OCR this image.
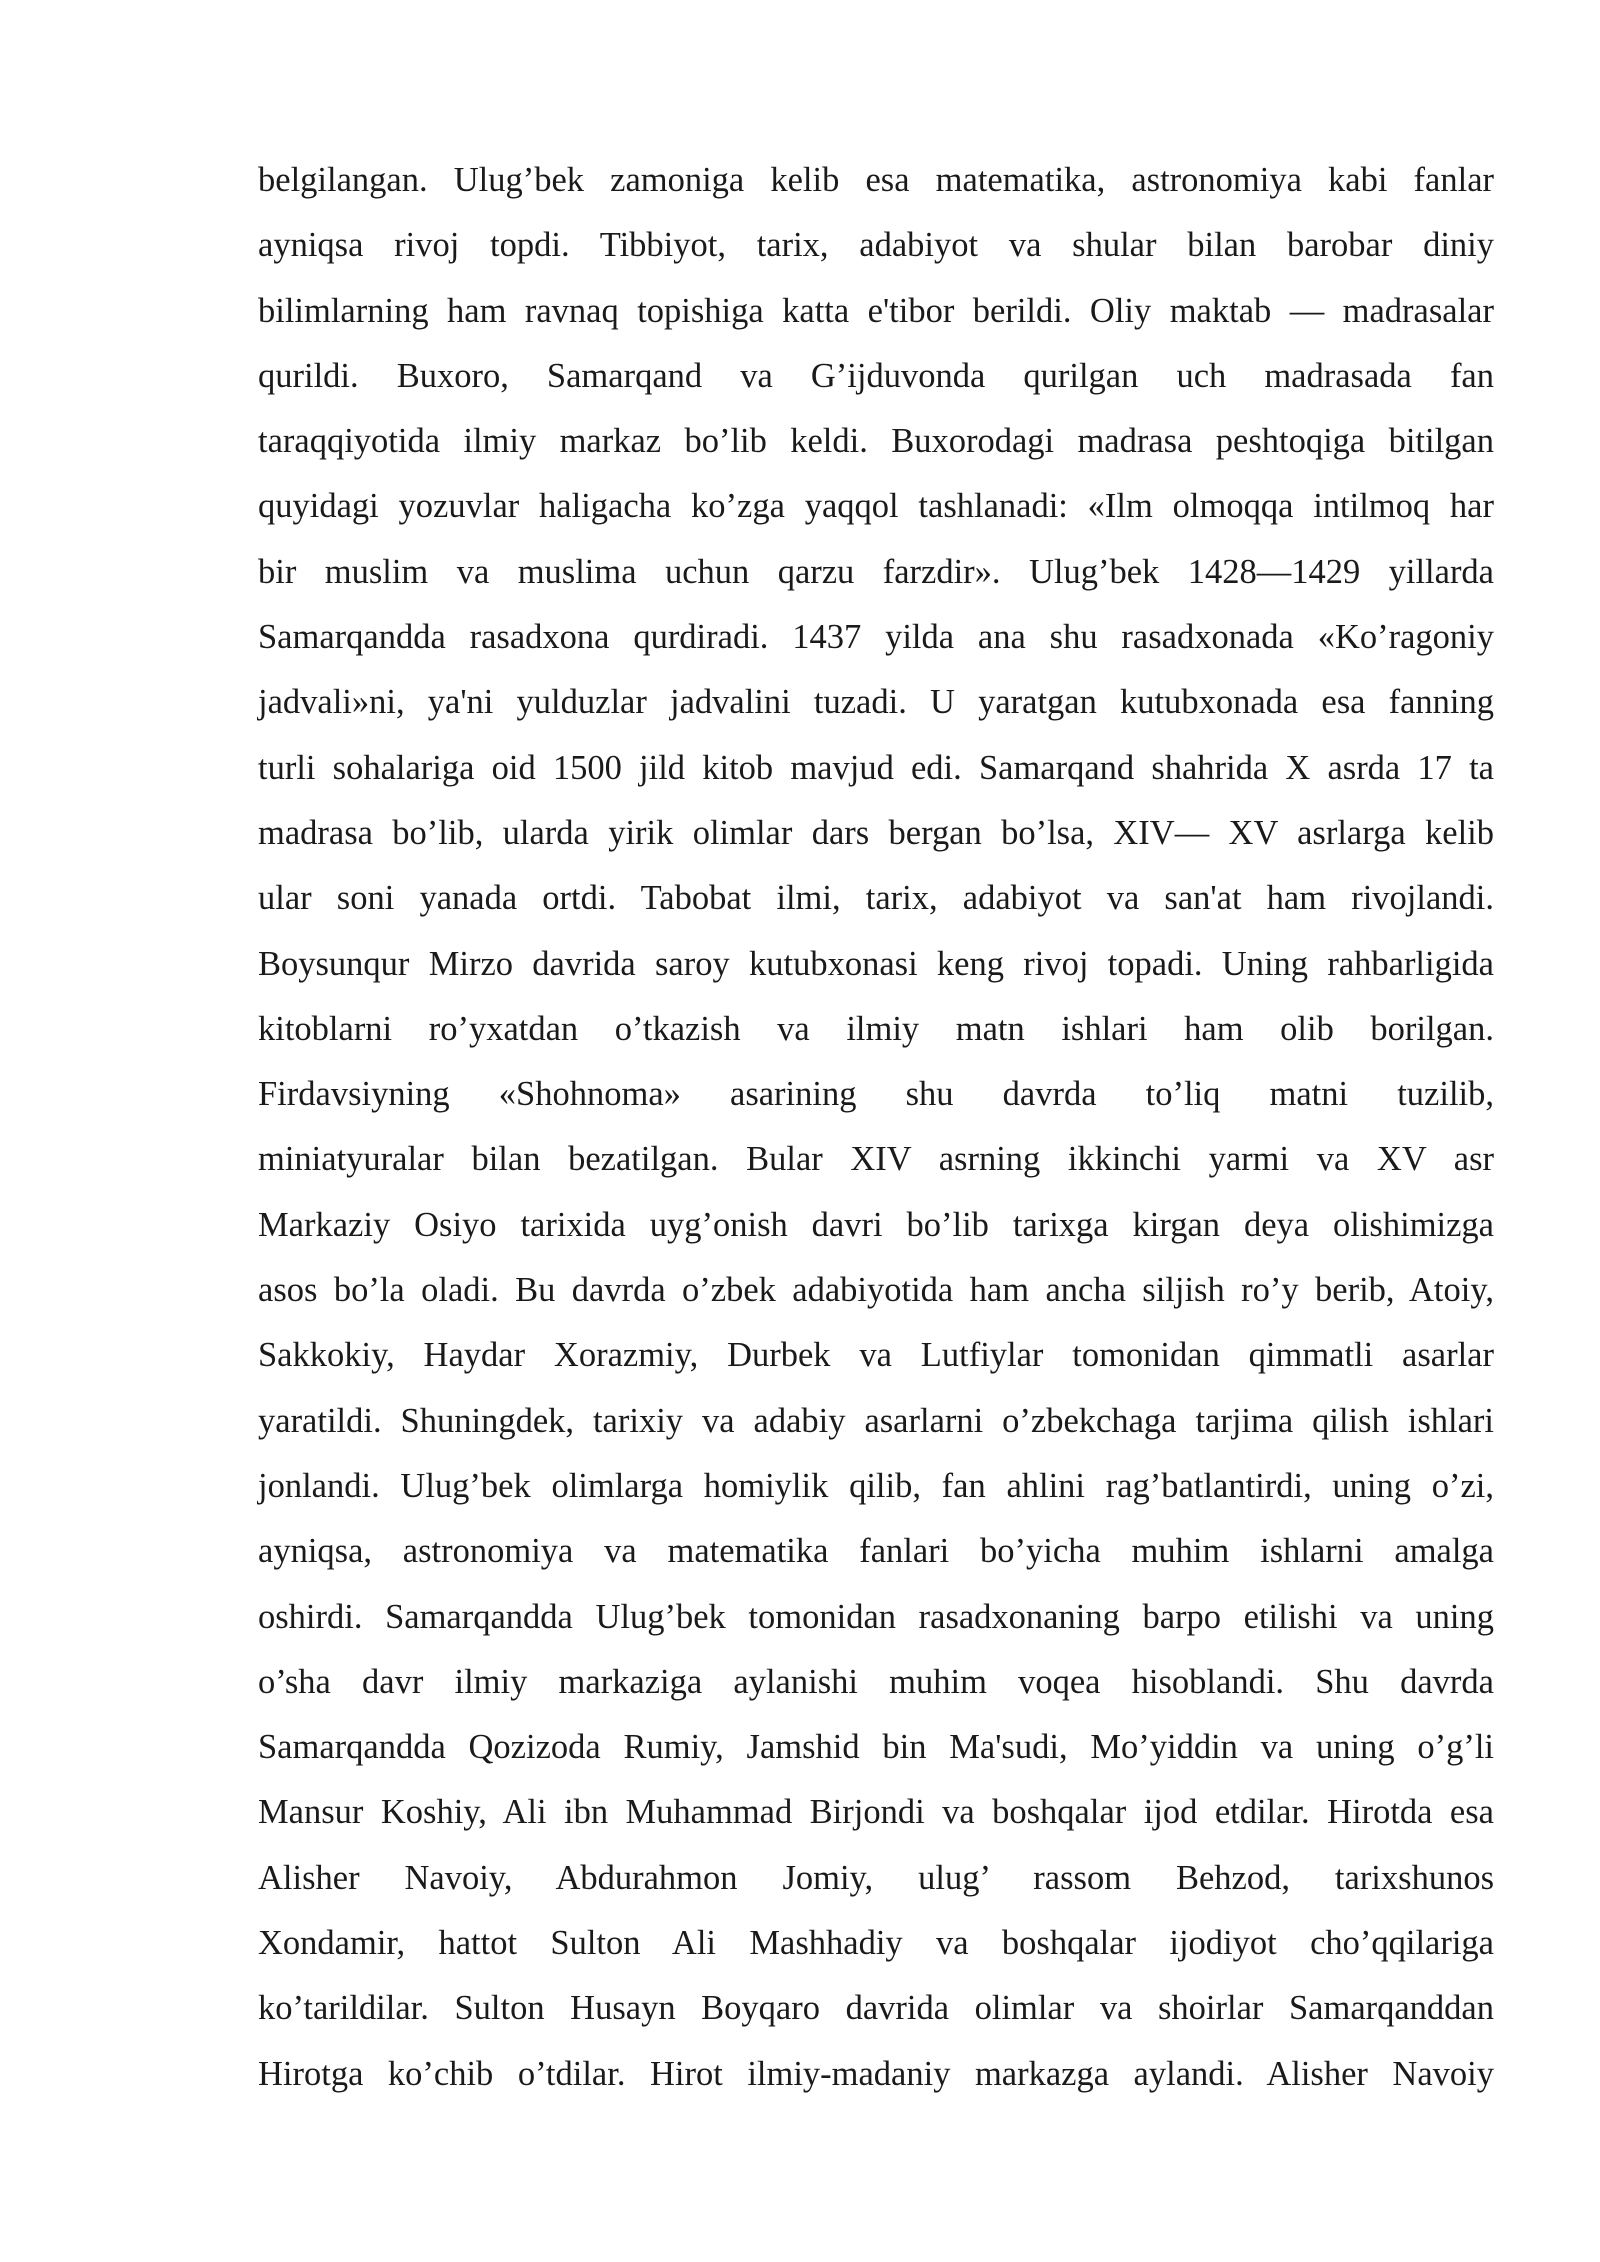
belgilangan. Ulug’bek zamoniga kelib esa matematika, astronomiya kabi fanlar
ayniqsa rivoj topdi. Tibbiyot, tarix, adabiyot va shular bilan barobar diniy
bilimlarning ham ravnaq topishiga katta e'tibor berildi. Oliy maktab — madrasalar
qurildi. Buxoro, Samarqand va G’ijduvonda qurilgan uch madrasada fan
taraqqiyotida ilmiy markaz bo’lib keldi. Buxorodagi madrasa peshtoqiga bitilgan
quyidagi yozuvlar haligacha ko’zga yaqqol tashlanadi: «Ilm olmoqqa intilmoq har
bir muslim va muslima uchun qarzu farzdir». Ulug’bek 1428—1429 yillarda
Samarqandda rasadxona qurdiradi. 1437 yilda ana shu rasadxonada «Ko’ragoniy
jadvali»ni, ya'ni yulduzlar jadvalini tuzadi. U yaratgan kutubxonada esa fanning
turli sohalariga oid 1500 jild kitob mavjud edi. Samarqand shahrida X asrda 17 ta
madrasa bo’lib, ularda yirik olimlar dars bergan bo’lsa, XIV— XV asrlarga kelib
ular soni yanada ortdi. Tabobat ilmi, tarix, adabiyot va san'at ham rivojlandi.
Boysunqur Mirzo davrida saroy kutubxonasi keng rivoj topadi. Uning rahbarligida
kitoblarni ro’yxatdan o’tkazish va ilmiy matn ishlari ham olib borilgan.
Firdavsiyning «Shohnoma» asarining shu davrda to’liq matni tuzilib,
miniatyuralar bilan bezatilgan. Bular XIV asrning ikkinchi yarmi va XV asr
Markaziy Osiyo tarixida uyg’onish davri bo’lib tarixga kirgan deya olishimizga
asos bo’la oladi. Bu davrda o’zbek adabiyotida ham ancha siljish ro’y berib, Atoiy,
Sakkokiy, Haydar Xorazmiy, Durbek va Lutfiylar tomonidan qimmatli asarlar
yaratildi. Shuningdek, tarixiy va adabiy asarlarni o’zbekchaga tarjima qilish ishlari
jonlandi. Ulug’bek olimlarga homiylik qilib, fan ahlini rag’batlantirdi, uning o’zi,
ayniqsa, astronomiya va matematika fanlari bo’yicha muhim ishlarni amalga
oshirdi. Samarqandda Ulug’bek tomonidan rasadxonaning barpo etilishi va uning
o’sha davr ilmiy markaziga aylanishi muhim voqea hisoblandi. Shu davrda
Samarqandda Qozizoda Rumiy, Jamshid bin Ma'sudi, Mo’yiddin va uning o’g’li
Mansur Koshiy, Ali ibn Muhammad Birjondi va boshqalar ijod etdilar. Hirotda esa
Alisher Navoiy, Abdurahmon Jomiy, ulug’ rassom Behzod, tarixshunos
Xondamir, hattot Sulton Ali Mashhadiy va boshqalar ijodiyot cho’qqilariga
ko’tarildilar. Sulton Husayn Boyqaro davrida olimlar va shoirlar Samarqanddan
Hirotga ko’chib o’tdilar. Hirot ilmiy-madaniy markazga aylandi. Alisher Navoiy
